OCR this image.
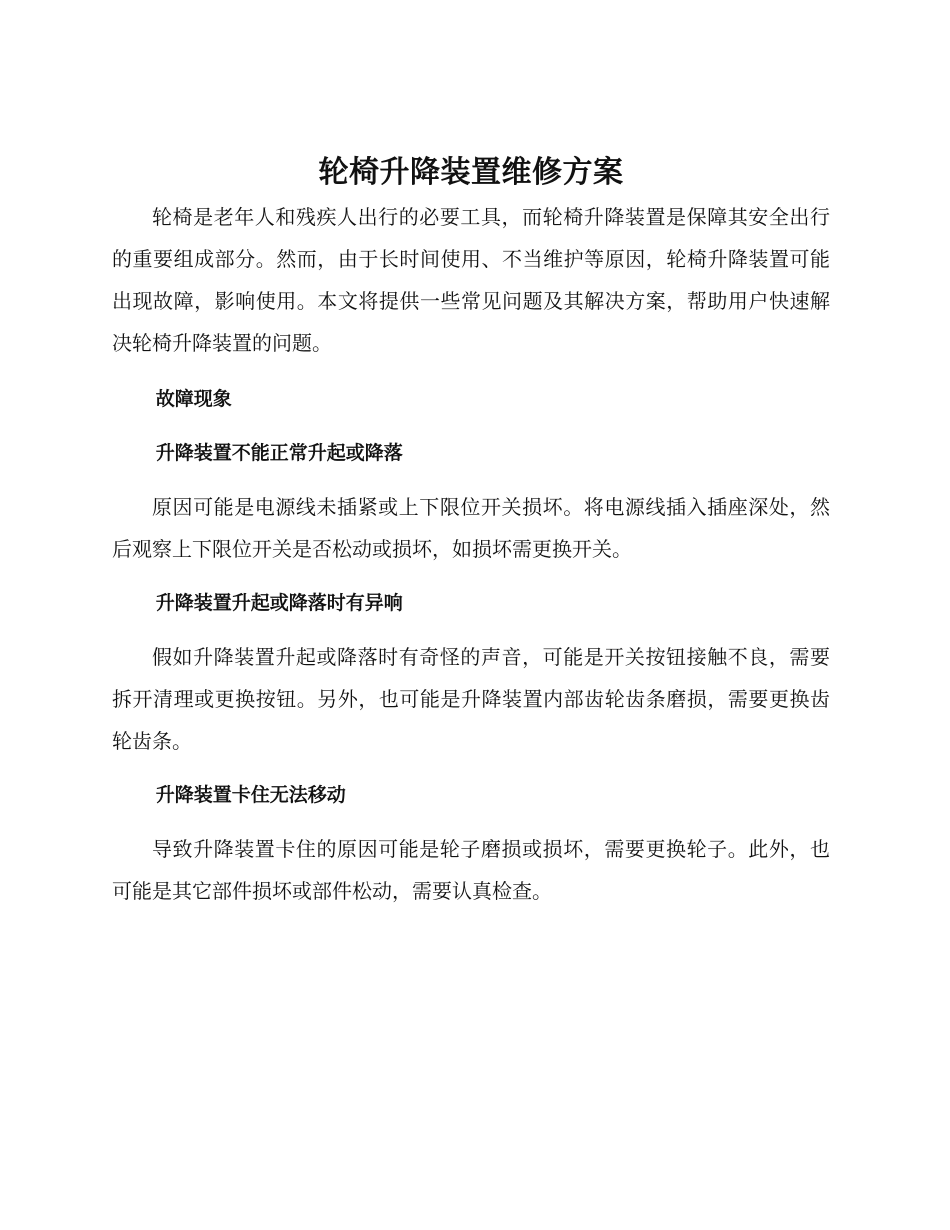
轮椅升降装置维修方案

轮椅是老年人和残疾人出行的必要工具，而轮椅升降装置是保障其安全出行的重要组成部分。然而，由于长时间使用、不当维护等原因，轮椅升降装置可能出现故障，影响使用。本文将提供一些常见问题及其解决方案，帮助用户快速解决轮椅升降装置的问题。

故障现象
升降装置不能正常升起或降落

原因可能是电源线未插紧或上下限位开关损坏。将电源线插入插座深处，然后观察上下限位开关是否松动或损坏，如损坏需更换开关。

升降装置升起或降落时有异响

假如升降装置升起或降落时有奇怪的声音，可能是开关按钮接触不良，需要拆开清理或更换按钮。另外，也可能是升降装置内部齿轮齿条磨损，需要更换齿轮齿条。

升降装置卡住无法移动

导致升降装置卡住的原因可能是轮子磨损或损坏，需要更换轮子。此外，也可能是其它部件损坏或部件松动，需要认真检查。
